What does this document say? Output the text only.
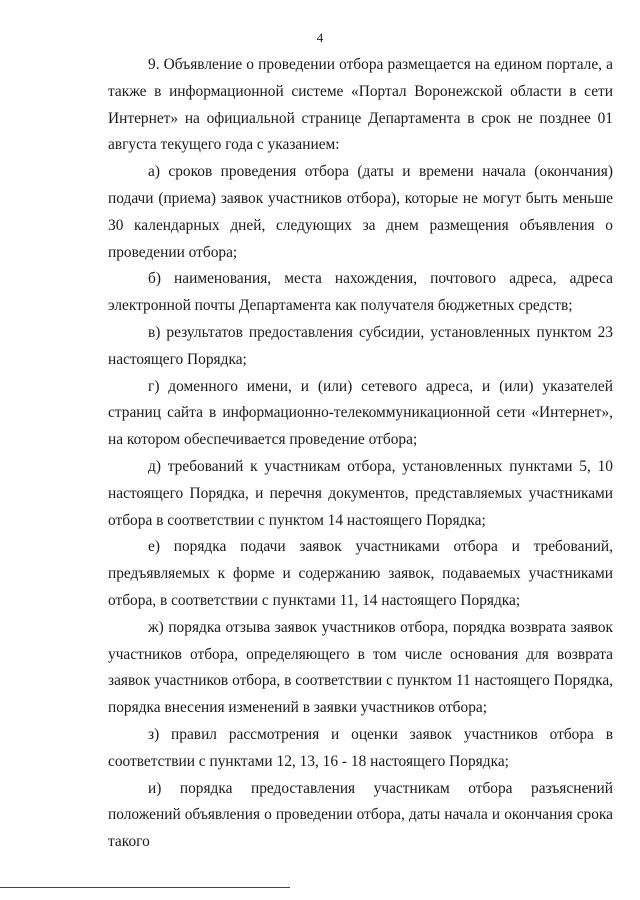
4

9. Объявление о проведении отбора размещается на едином портале, а также в информационной системе «Портал Воронежской области в сети Интернет» на официальной странице Департамента в срок не позднее 01 августа текущего года с указанием:

а) сроков проведения отбора (даты и времени начала (окончания) подачи (приема) заявок участников отбора), которые не могут быть меньше 30 календарных дней, следующих за днем размещения объявления о проведении отбора;

б) наименования, места нахождения, почтового адреса, адреса электронной почты Департамента как получателя бюджетных средств;

в) результатов предоставления субсидии, установленных пунктом 23 настоящего Порядка;

г) доменного имени, и (или) сетевого адреса, и (или) указателей страниц сайта в информационно-телекоммуникационной сети «Интернет», на котором обеспечивается проведение отбора;

д) требований к участникам отбора, установленных пунктами 5, 10 настоящего Порядка, и перечня документов, представляемых участниками отбора в соответствии с пунктом 14 настоящего Порядка;

е) порядка подачи заявок участниками отбора и требований, предъявляемых к форме и содержанию заявок, подаваемых участниками отбора, в соответствии с пунктами 11, 14 настоящего Порядка;

ж) порядка отзыва заявок участников отбора, порядка возврата заявок участников отбора, определяющего в том числе основания для возврата заявок участников отбора, в соответствии с пунктом 11 настоящего Порядка, порядка внесения изменений в заявки участников отбора;

з) правил рассмотрения и оценки заявок участников отбора в соответствии с пунктами 12, 13, 16 - 18 настоящего Порядка;

и) порядка предоставления участникам отбора разъяснений положений объявления о проведении отбора, даты начала и окончания срока такого
